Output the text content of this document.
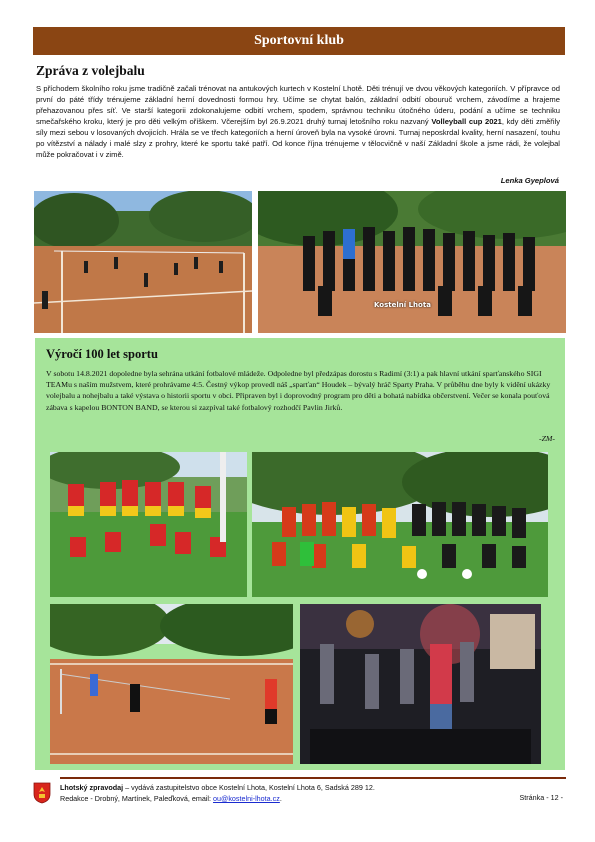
Sportovní klub
Zpráva z volejbalu
S příchodem školního roku jsme tradičně začali trénovat na antukových kurtech v Kostelní Lhotě. Děti trénují ve dvou věkových kategoriích. V přípravce od první do páté třídy trénujeme základní herní dovednosti formou hry. Učíme se chytat balón, základní odbití obouruč vrchem, závodíme a hrajeme přehazovanou přes síť. Ve starší kategorii zdokonalujeme odbití vrchem, spodem, správnou techniku útočného úderu, podání a učíme se techniku smečařského kroku, který je pro děti velkým oříškem. Včerejším byl 26.9.2021 druhý turnaj letošního roku nazvaný Volleyball cup 2021, kdy děti změřily síly mezi sebou v losovaných dvojicích. Hrála se ve třech kategoriích a herní úroveň byla na vysoké úrovni. Turnaj neposkrdal kvality, herní nasazení, touhu po vítězství a nálady i malé slzy z prohry, které ke sportu také patří. Od konce října trénujeme v tělocvičně v naší Základní škole a jsme rádi, že volejbal může pokračovat i v zimě.
Lenka Gyeplová
Kostelní Lhota
Výročí 100 let sportu
V sobotu 14.8.2021 dopoledne byla sehrána utkání fotbalové mládeže. Odpoledne byl předzápas dorostu s Radimí (3:1) a pak hlavní utkání sparťanského SIGI TEAMu s naším mužstvem, které prohrávame 4:5. Čestný výkop provedl náš „sparťan“ Houdek – bývalý hráč Sparty Praha. V průběhu dne byly k vidění ukázky volejbalu a nohejbalu a také výstava o historii sportu v obci. Připraven byl i doprovodný program pro děti a bohatá nabídka občerstvení. Večer se konala pouťová zábava s kapelou BONTON BAND, se kterou si zazpíval také fotbalový rozhodčí Pavlin Jirků.
-ZM-
Lhotský zpravodaj – vydává zastupitelstvo obce Kostelní Lhota, Kostelní Lhota 6, Sadská 289 12.
Redakce - Drobný, Martínek, Paleďková, email: ou@kostelni-lhota.cz.	Stránka - 12 -
